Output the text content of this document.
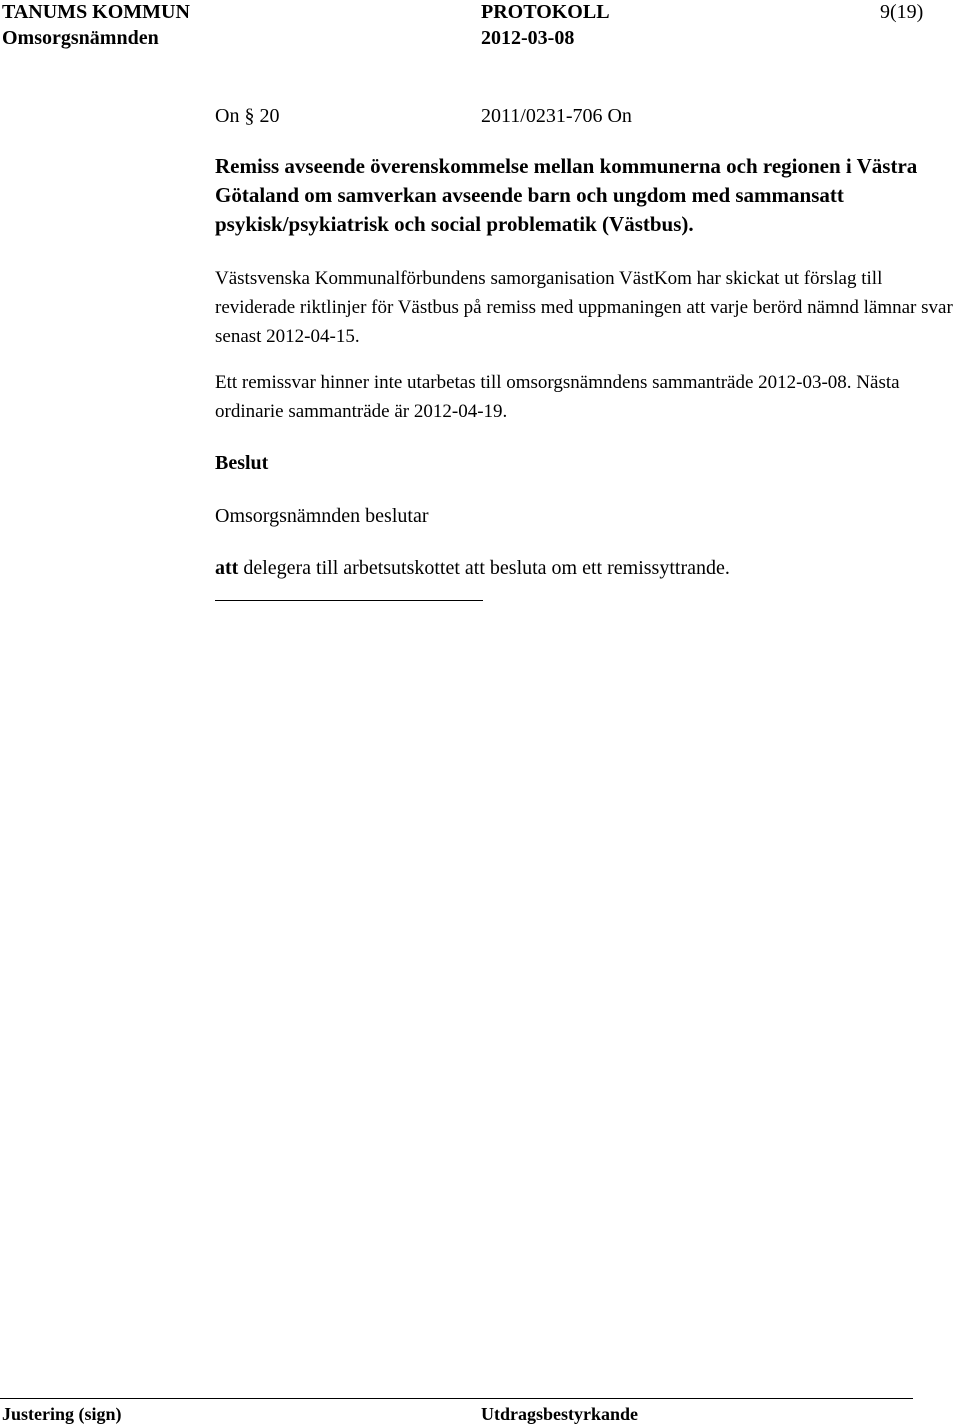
TANUMS KOMMUN	PROTOKOLL	9(19)
Omsorgsnämnden	2012-03-08
On § 20	2011/0231-706 On
Remiss avseende överenskommelse mellan kommunerna och regionen i Västra Götaland om samverkan avseende barn och ungdom med sammansatt psykisk/psykiatrisk och social problematik (Västbus).
Västsvenska Kommunalförbundens samorganisation VästKom har skickat ut förslag till reviderade riktlinjer för Västbus på remiss med uppmaningen att varje berörd nämnd lämnar svar senast 2012-04-15.
Ett remissvar hinner inte utarbetas till omsorgsnämndens sammanträde 2012-03-08. Nästa ordinarie sammanträde är 2012-04-19.
Beslut
Omsorgsnämnden beslutar
att delegera till arbetsutskottet att besluta om ett remissyttrande.
Justering (sign)	Utdragsbestyrkande
